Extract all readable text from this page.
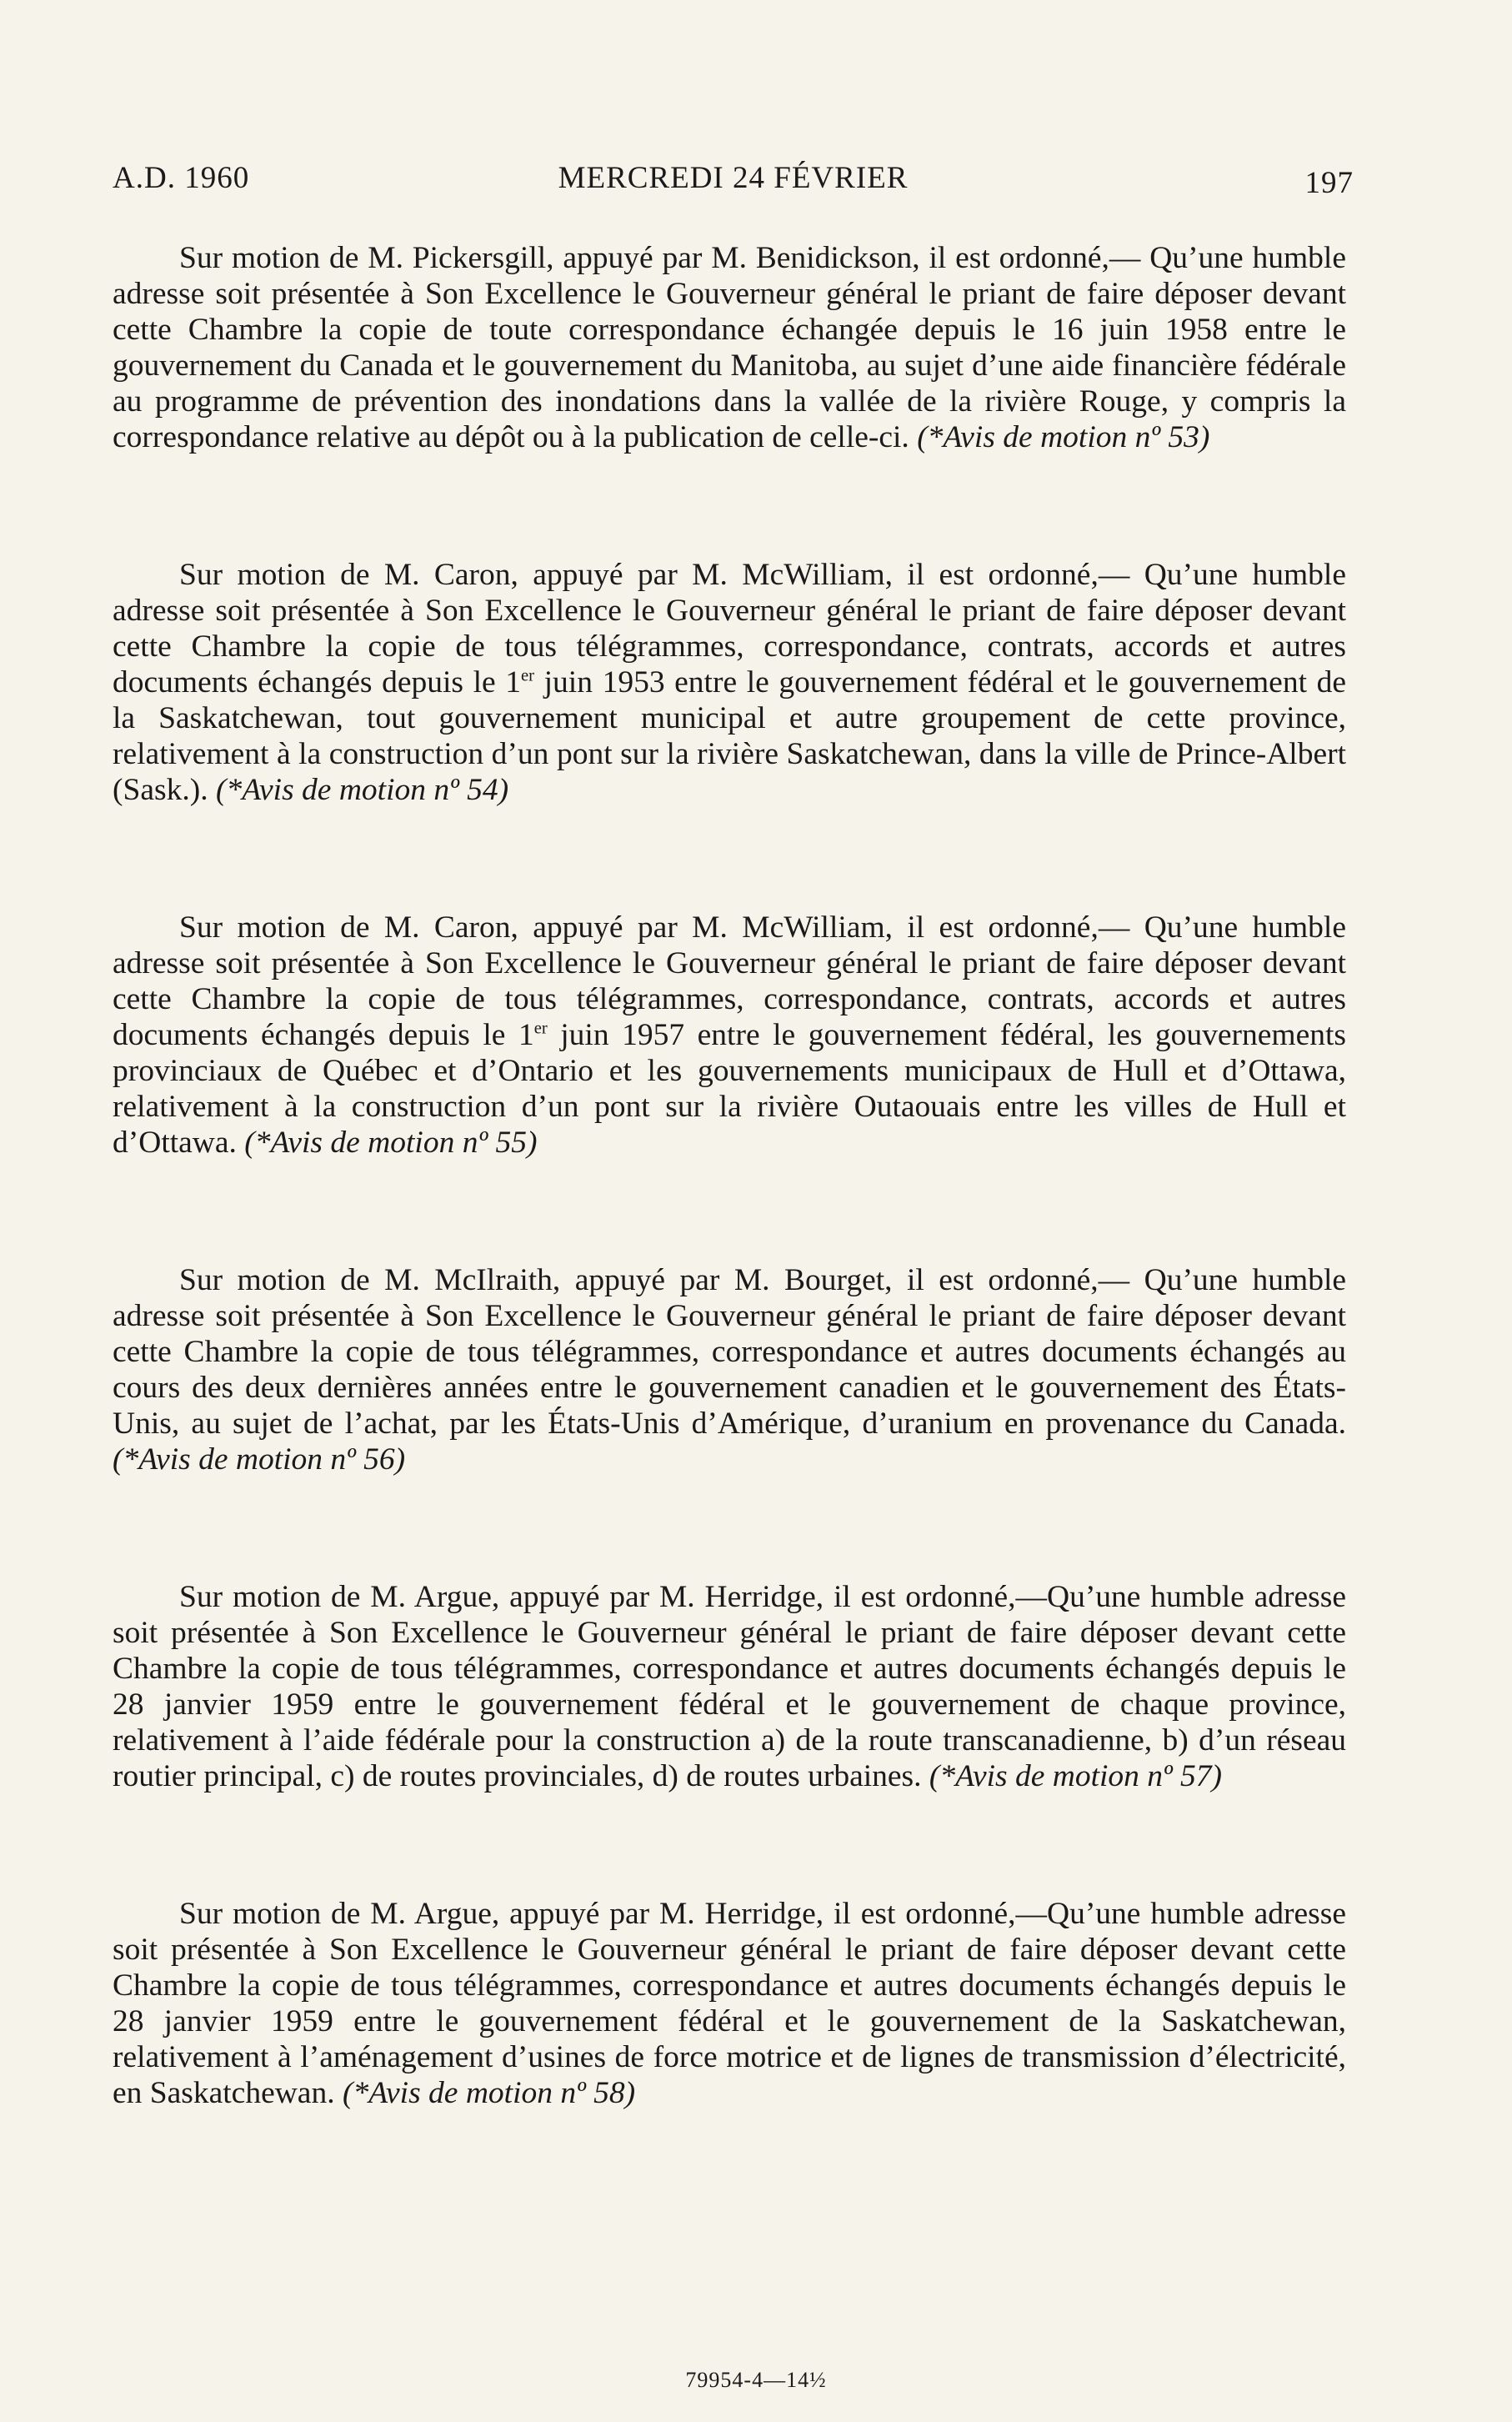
A.D. 1960	MERCREDI 24 FÉVRIER	197

Sur motion de M. Pickersgill, appuyé par M. Benidickson, il est ordonné,— Qu’une humble adresse soit présentée à Son Excellence le Gouverneur général le priant de faire déposer devant cette Chambre la copie de toute correspondance échangée depuis le 16 juin 1958 entre le gouvernement du Canada et le gouvernement du Manitoba, au sujet d’une aide financière fédérale au programme de prévention des inondations dans la vallée de la rivière Rouge, y compris la correspondance relative au dépôt ou à la publication de celle-ci. (*Avis de motion nº 53)

Sur motion de M. Caron, appuyé par M. McWilliam, il est ordonné,— Qu’une humble adresse soit présentée à Son Excellence le Gouverneur général le priant de faire déposer devant cette Chambre la copie de tous télégrammes, correspondance, contrats, accords et autres documents échangés depuis le 1er juin 1953 entre le gouvernement fédéral et le gouvernement de la Saskatchewan, tout gouvernement municipal et autre groupement de cette province, relativement à la construction d’un pont sur la rivière Saskatchewan, dans la ville de Prince-Albert (Sask.). (*Avis de motion nº 54)

Sur motion de M. Caron, appuyé par M. McWilliam, il est ordonné,— Qu’une humble adresse soit présentée à Son Excellence le Gouverneur général le priant de faire déposer devant cette Chambre la copie de tous télégrammes, correspondance, contrats, accords et autres documents échangés depuis le 1er juin 1957 entre le gouvernement fédéral, les gouvernements provinciaux de Québec et d’Ontario et les gouvernements municipaux de Hull et d’Ottawa, relativement à la construction d’un pont sur la rivière Outaouais entre les villes de Hull et d’Ottawa. (*Avis de motion nº 55)

Sur motion de M. McIlraith, appuyé par M. Bourget, il est ordonné,— Qu’une humble adresse soit présentée à Son Excellence le Gouverneur général le priant de faire déposer devant cette Chambre la copie de tous télégrammes, correspondance et autres documents échangés au cours des deux dernières années entre le gouvernement canadien et le gouvernement des États-Unis, au sujet de l’achat, par les États-Unis d’Amérique, d’uranium en provenance du Canada. (*Avis de motion nº 56)

Sur motion de M. Argue, appuyé par M. Herridge, il est ordonné,—Qu’une humble adresse soit présentée à Son Excellence le Gouverneur général le priant de faire déposer devant cette Chambre la copie de tous télégrammes, correspondance et autres documents échangés depuis le 28 janvier 1959 entre le gouvernement fédéral et le gouvernement de chaque province, relativement à l’aide fédérale pour la construction a) de la route transcanadienne, b) d’un réseau routier principal, c) de routes provinciales, d) de routes urbaines. (*Avis de motion nº 57)

Sur motion de M. Argue, appuyé par M. Herridge, il est ordonné,—Qu’une humble adresse soit présentée à Son Excellence le Gouverneur général le priant de faire déposer devant cette Chambre la copie de tous télégrammes, correspondance et autres documents échangés depuis le 28 janvier 1959 entre le gouvernement fédéral et le gouvernement de la Saskatchewan, relativement à l’aménagement d’usines de force motrice et de lignes de transmission d’électricité, en Saskatchewan. (*Avis de motion nº 58)

79954-4—14½
